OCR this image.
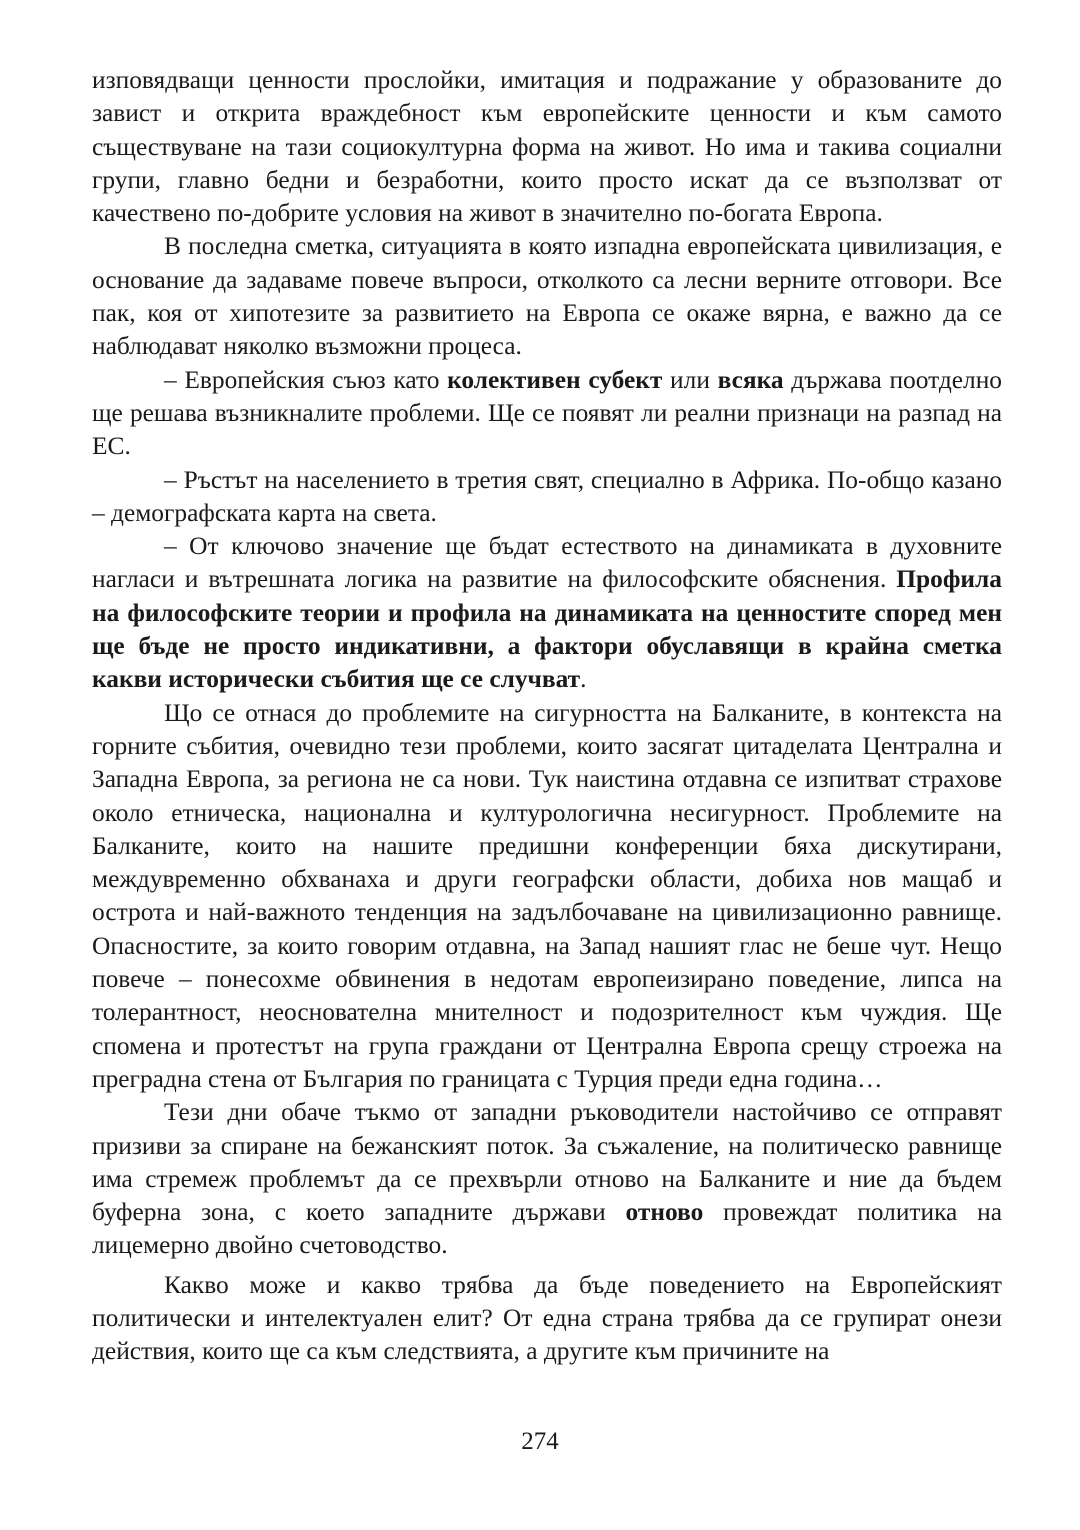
изповядващи ценности прослойки, имитация и подражание у образованите до завист и открита враждебност към европейските ценности и към самото съществуване на тази социокултурна форма на живот. Но има и такива социални групи, главно бедни и безработни, които просто искат да се възползват от качествено по-добрите условия на живот в значително по-богата Европа.

В последна сметка, ситуацията в която изпадна европейската цивилизация, е основание да задаваме повече въпроси, отколкото са лесни верните отговори. Все пак, коя от хипотезите за развитието на Европа се окаже вярна, е важно да се наблюдават няколко възможни процеса.

– Европейския съюз като колективен субект или всяка държава поотделно ще решава възникналите проблеми. Ще се появят ли реални признаци на разпад на ЕС.

– Ръстът на населението в третия свят, специално в Африка. По-общо казано – демографската карта на света.

– От ключово значение ще бъдат естеството на динамиката в духовните нагласи и вътрешната логика на развитие на философските обяснения. Профила на философските теории и профила на динамиката на ценностите според мен ще бъде не просто индикативни, а фактори обуславящи в крайна сметка какви исторически събития ще се случват.

Що се отнася до проблемите на сигурността на Балканите, в контекста на горните събития, очевидно тези проблеми, които засягат цитаделата Централна и Западна Европа, за региона не са нови. Тук наистина отдавна се изпитват страхове около етническа, национална и културологична несигурност. Проблемите на Балканите, които на нашите предишни конференции бяха дискутирани, междувременно обхванаха и други географски области, добиха нов мащаб и острота и най-важното тенденция на задълбочаване на цивилизационно равнище. Опасностите, за които говорим отдавна, на Запад нашият глас не беше чут. Нещо повече – понесохме обвинения в недотам европеизирано поведение, липса на толерантност, неоснователна мнителност и подозрителност към чуждия. Ще спомена и протестът на група граждани от Централна Европа срещу строежа на преградна стена от България по границата с Турция преди една година…

Тези дни обаче тъкмо от западни ръководители настойчиво се отправят призиви за спиране на бежанският поток. За съжаление, на политическо равнище има стремеж проблемът да се прехвърли отново на Балканите и ние да бъдем буферна зона, с което западните държави отново провеждат политика на лицемерно двойно счетоводство.

Какво може и какво трябва да бъде поведението на Европейският политически и интелектуален елит? От една страна трябва да се групират онези действия, които ще са към следствията, а другите към причините на

274
